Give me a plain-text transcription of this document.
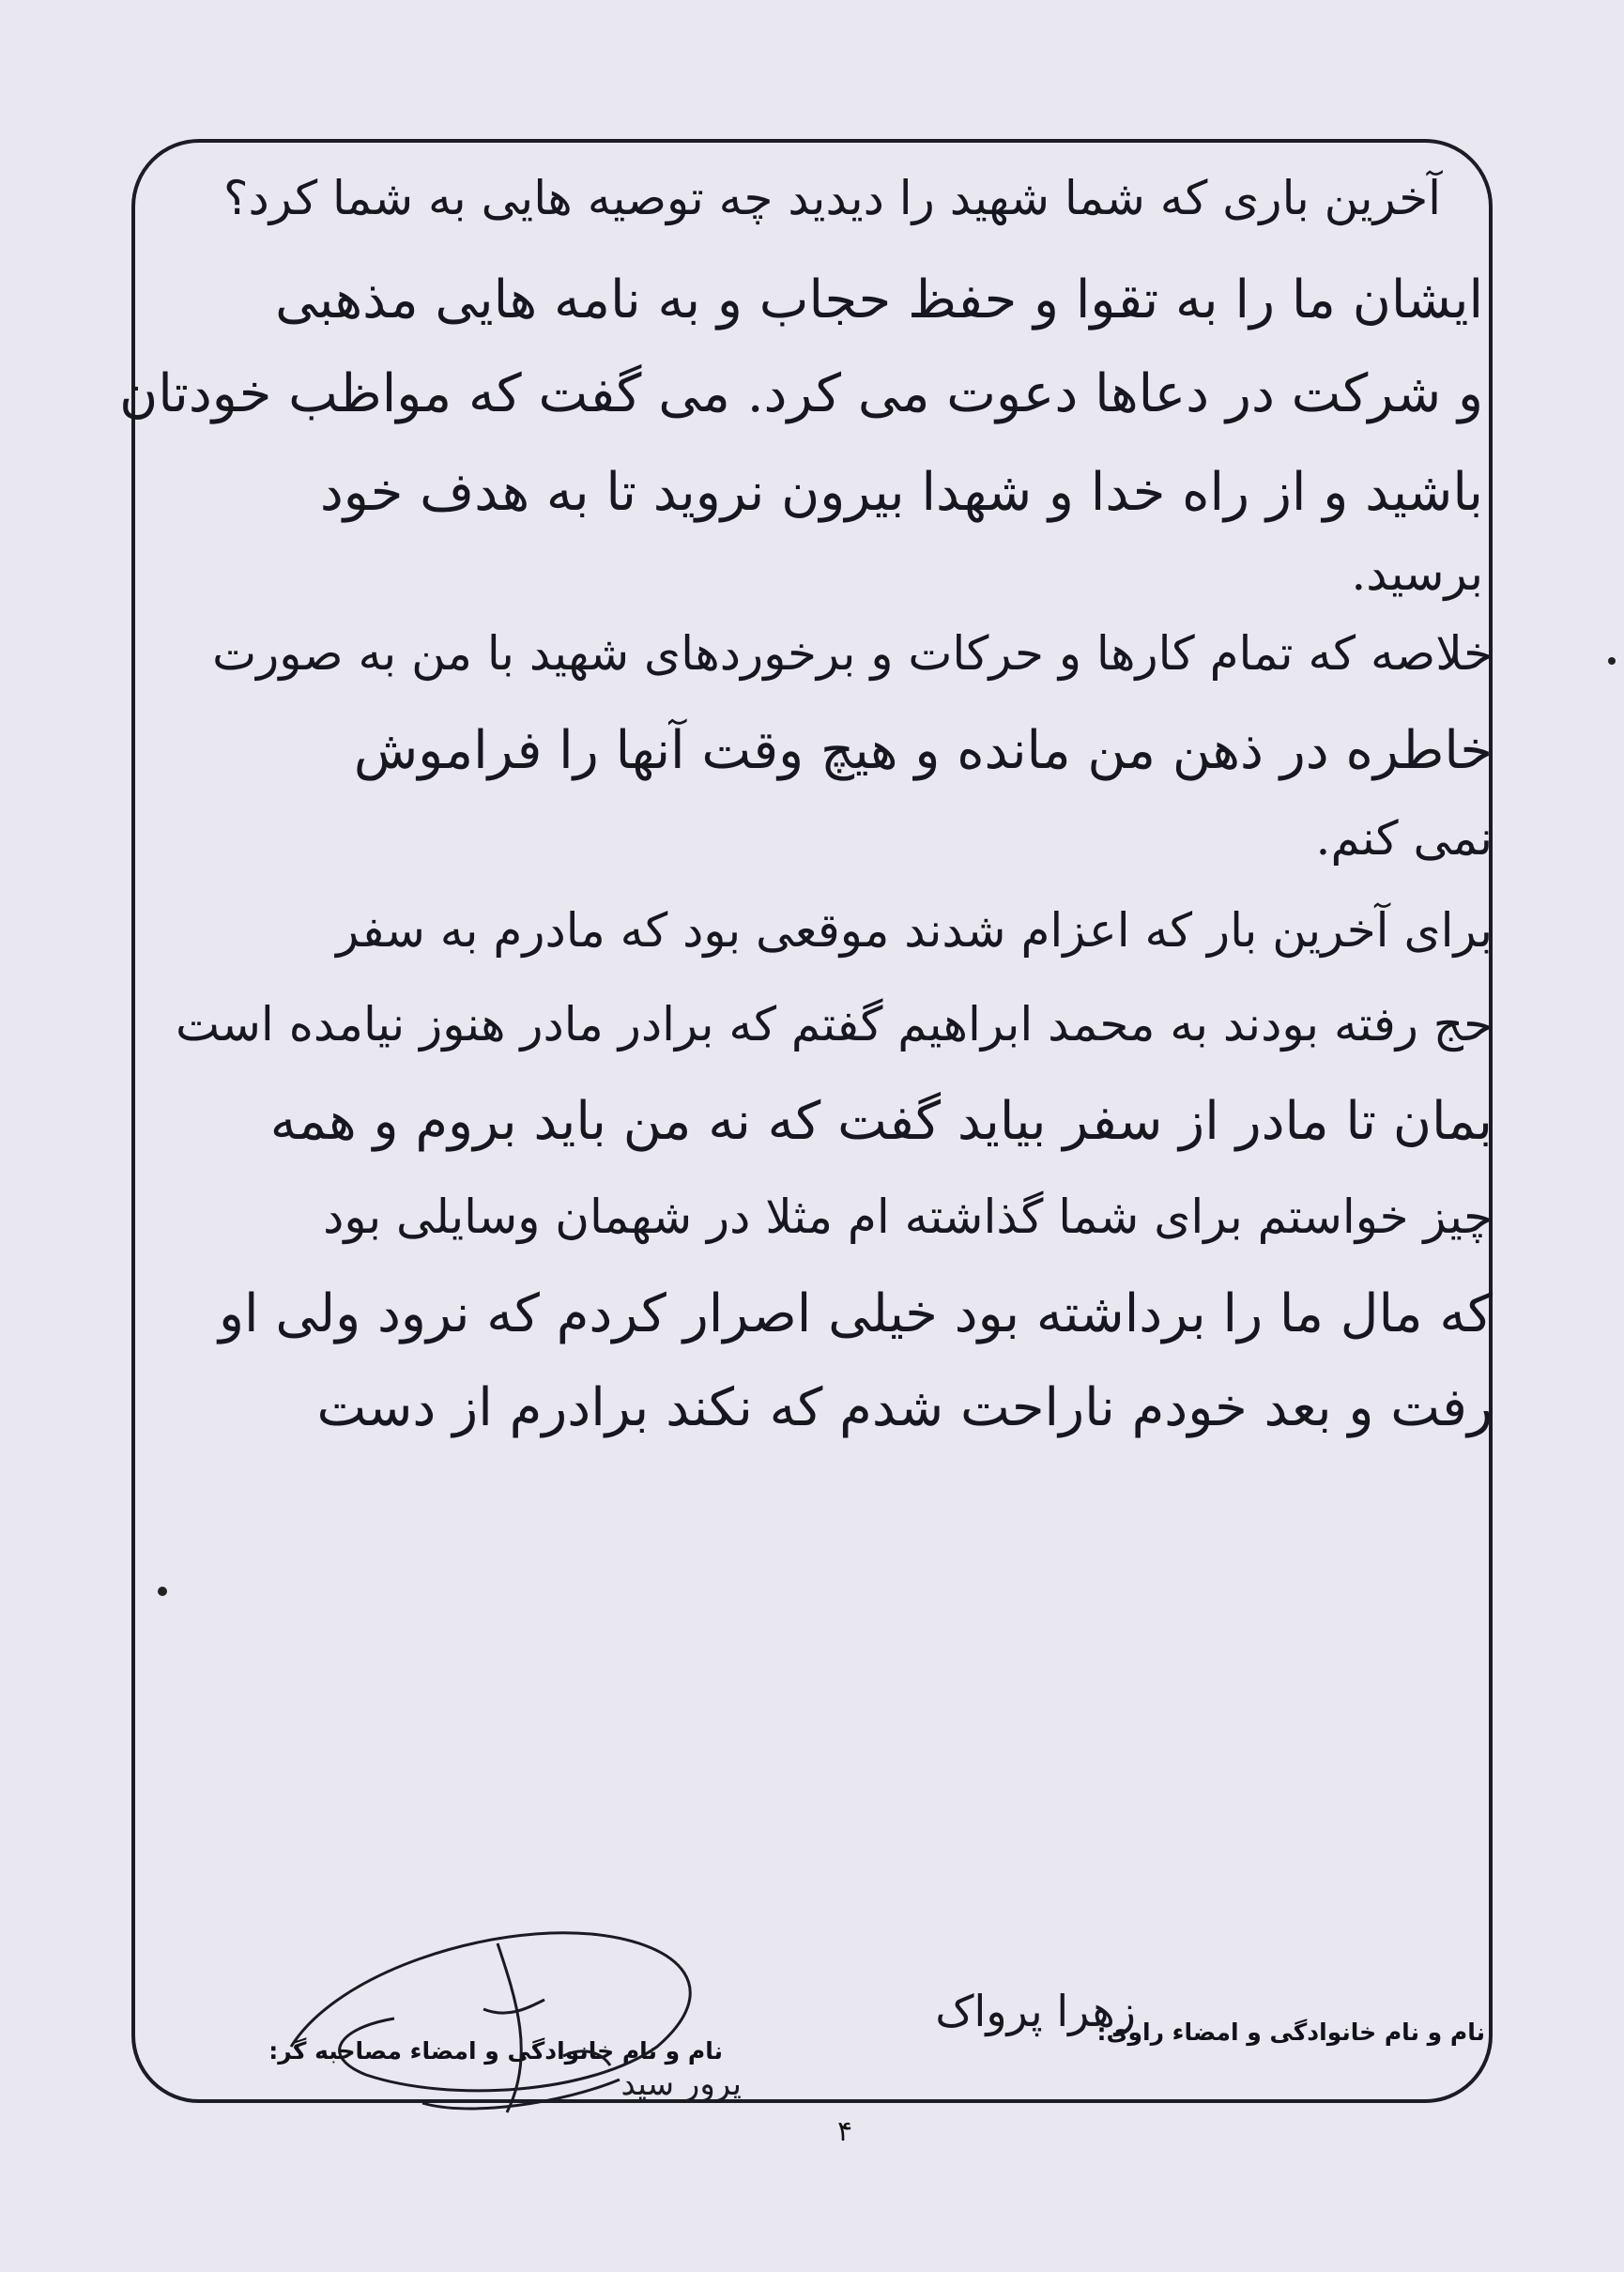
آخرین باری که شما شهید را دیدید چه توصیه هایی به شما کرد؟

ایشان ما را به تقوا و حفظ حجاب و به نامه هایی مذهبی

و شرکت در دعاها دعوت می کرد. می گفت که مواظب خودتان

باشید و از راه خدا و شهدا بیرون نروید تا به هدف خود

برسید.

خلاصه که تمام کارها و حرکات و برخوردهای شهید با من به صورت

خاطره در ذهن من ماندە و هیچ وقت آنها را فراموش

نمی کنم.

برای آخرین بار که اعزام شدند موقعی بود که مادرم به سفر

حج رفته بودند به محمد ابراهیم گفتم که برادر مادر هنوز نیامده است

بمان تا مادر از سفر بیاید گفت که نه من باید بروم و همه

چیز خواستم برای شما گذاشته ام مثلا در شهمان وسایلی بود

که مال ما را برداشته بود خیلی اصرار کردم که نرود ولی او

رفت و بعد خودم ناراحت شدم که نکند برادرم از دست

نام و نام خانوادگی و امضاء راوی:
زهرا پرواک
نام و نام خانوادگی و امضاء مصاحبه گر:
پرور سید
۴
